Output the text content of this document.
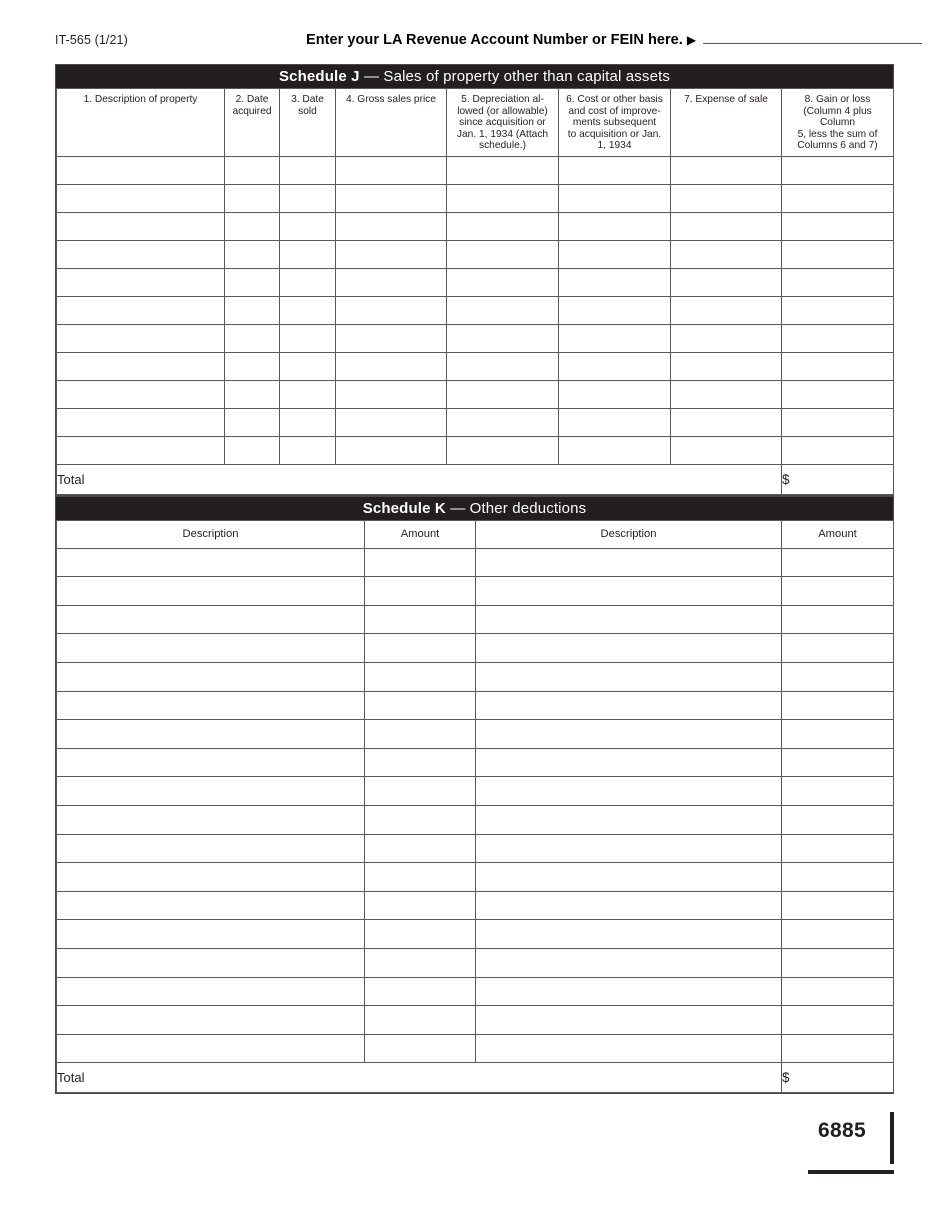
IT-565 (1/21)	Enter your LA Revenue Account Number or FEIN here. ▶
Schedule J — Sales of property other than capital assets
1. Description of property	2. Date
acquired	3. Date
sold	4. Gross sales price	5. Depreciation al-
lowed (or allowable)
since acquisition or
Jan. 1, 1934 (Attach
schedule.)	6. Cost or other basis
and cost of improve-
ments subsequent
to acquisition or Jan.
1, 1934	7. Expense of sale	8. Gain or loss
(Column 4 plus
Column
5, less the sum of
Columns 6 and 7)

Total							$
Schedule K — Other deductions
Description	Amount	Description	Amount

Total			$
6885
